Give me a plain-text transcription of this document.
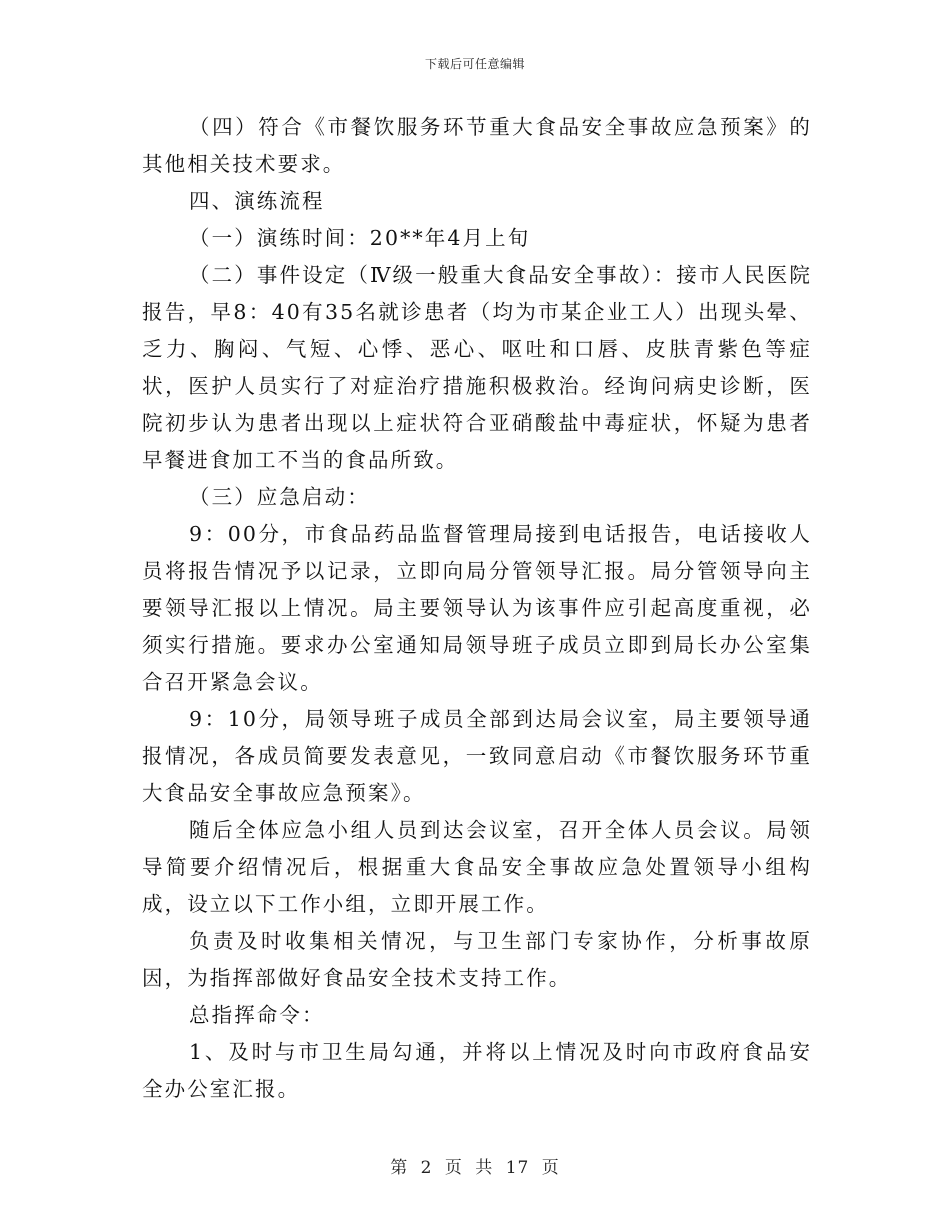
下载后可任意编辑

（四）符合《市餐饮服务环节重大食品安全事故应急预案》的其他相关技术要求。

四、演练流程

（一）演练时间：20**年4月上旬

（二）事件设定（Ⅳ级一般重大食品安全事故）：接市人民医院报告，早8：40有35名就诊患者（均为市某企业工人）出现头晕、乏力、胸闷、气短、心悸、恶心、呕吐和口唇、皮肤青紫色等症状，医护人员实行了对症治疗措施积极救治。经询问病史诊断，医院初步认为患者出现以上症状符合亚硝酸盐中毒症状，怀疑为患者早餐进食加工不当的食品所致。

（三）应急启动：

9：00分，市食品药品监督管理局接到电话报告，电话接收人员将报告情况予以记录，立即向局分管领导汇报。局分管领导向主要领导汇报以上情况。局主要领导认为该事件应引起高度重视，必须实行措施。要求办公室通知局领导班子成员立即到局长办公室集合召开紧急会议。

9：10分，局领导班子成员全部到达局会议室，局主要领导通报情况，各成员简要发表意见，一致同意启动《市餐饮服务环节重大食品安全事故应急预案》。

随后全体应急小组人员到达会议室，召开全体人员会议。局领导简要介绍情况后，根据重大食品安全事故应急处置领导小组构成，设立以下工作小组，立即开展工作。

负责及时收集相关情况，与卫生部门专家协作，分析事故原因，为指挥部做好食品安全技术支持工作。

总指挥命令：

1、及时与市卫生局勾通，并将以上情况及时向市政府食品安全办公室汇报。

第 2 页 共 17 页
